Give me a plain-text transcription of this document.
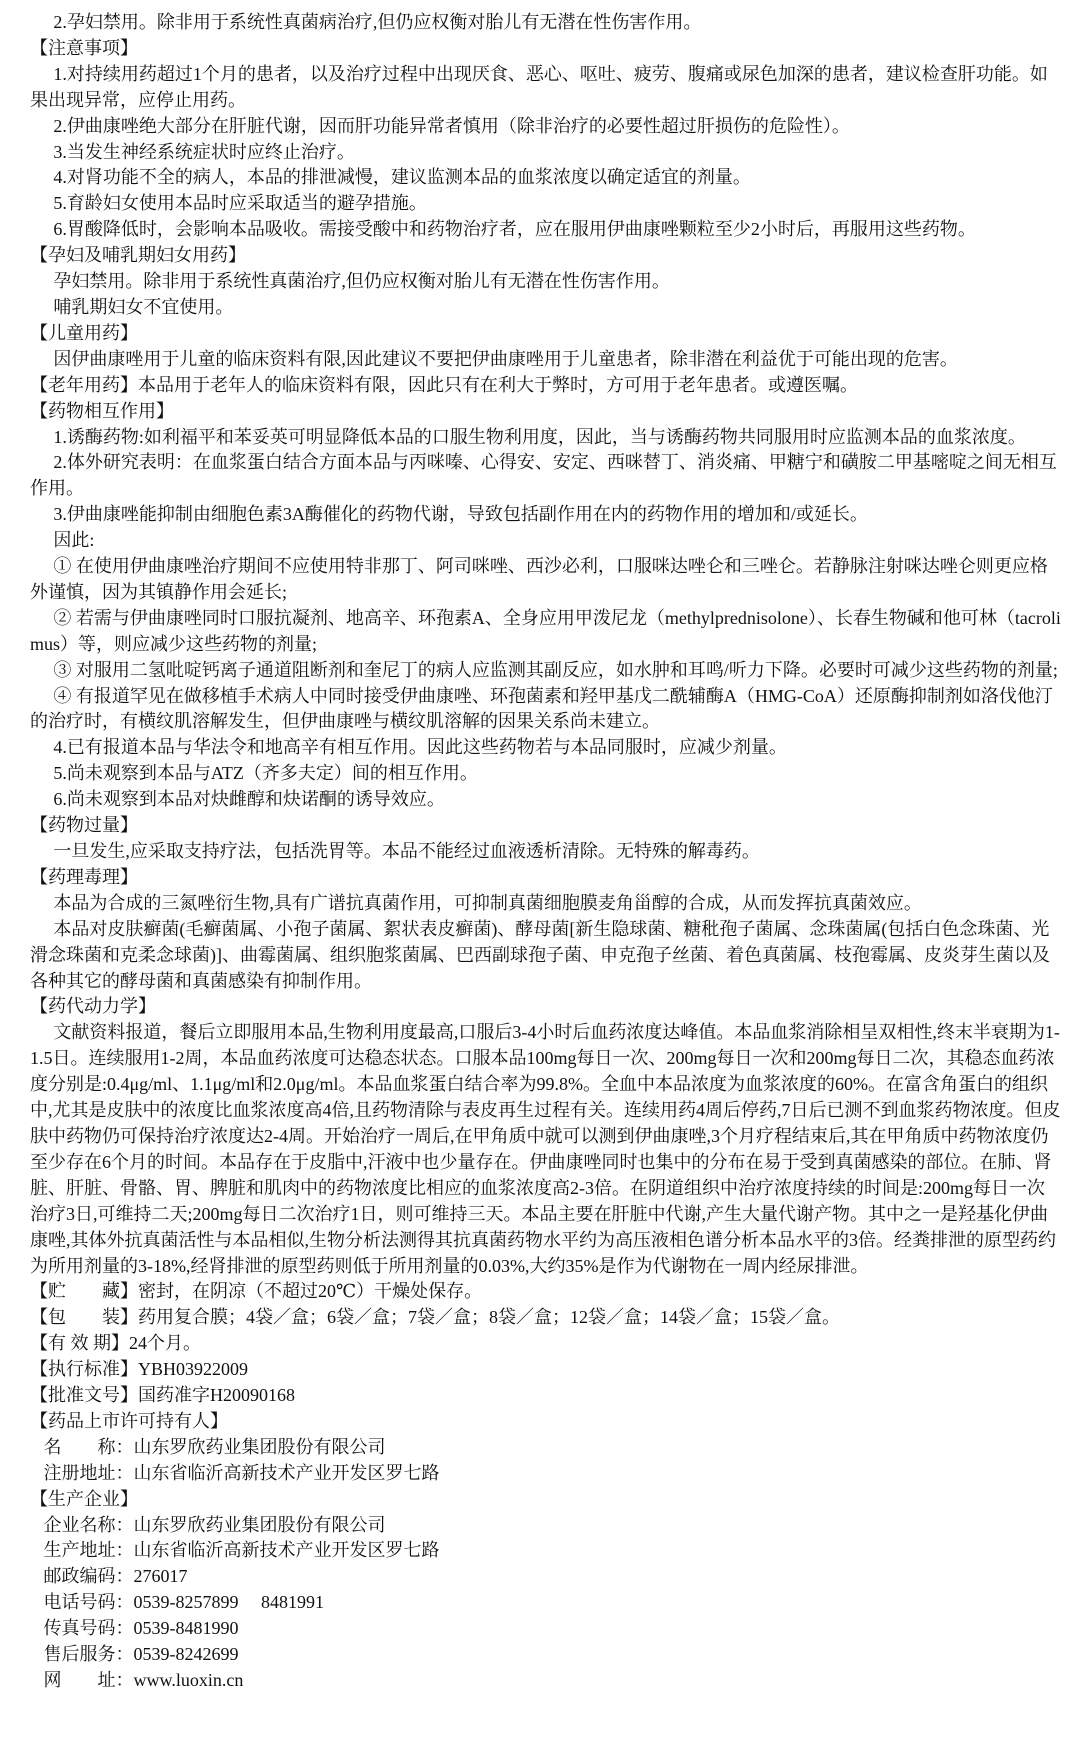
2.孕妇禁用。除非用于系统性真菌病治疗,但仍应权衡对胎儿有无潜在性伤害作用。

【注意事项】

1.对持续用药超过1个月的患者，以及治疗过程中出现厌食、恶心、呕吐、疲劳、腹痛或尿色加深的患者，建议检查肝功能。如果出现异常，应停止用药。

2.伊曲康唑绝大部分在肝脏代谢，因而肝功能异常者慎用（除非治疗的必要性超过肝损伤的危险性）。

3.当发生神经系统症状时应终止治疗。

4.对肾功能不全的病人，本品的排泄减慢，建议监测本品的血浆浓度以确定适宜的剂量。

5.育龄妇女使用本品时应采取适当的避孕措施。

6.胃酸降低时，会影响本品吸收。需接受酸中和药物治疗者，应在服用伊曲康唑颗粒至少2小时后，再服用这些药物。

【孕妇及哺乳期妇女用药】

孕妇禁用。除非用于系统性真菌治疗,但仍应权衡对胎儿有无潜在性伤害作用。

哺乳期妇女不宜使用。

【儿童用药】

因伊曲康唑用于儿童的临床资料有限,因此建议不要把伊曲康唑用于儿童患者，除非潜在利益优于可能出现的危害。

【老年用药】本品用于老年人的临床资料有限，因此只有在利大于弊时，方可用于老年患者。或遵医嘱。

【药物相互作用】

1.诱酶药物:如利福平和苯妥英可明显降低本品的口服生物利用度，因此，当与诱酶药物共同服用时应监测本品的血浆浓度。

2.体外研究表明：在血浆蛋白结合方面本品与丙咪嗪、心得安、安定、西咪替丁、消炎痛、甲糖宁和磺胺二甲基嘧啶之间无相互作用。

3.伊曲康唑能抑制由细胞色素3A酶催化的药物代谢，导致包括副作用在内的药物作用的增加和/或延长。

因此:

① 在使用伊曲康唑治疗期间不应使用特非那丁、阿司咪唑、西沙必利，口服咪达唑仑和三唑仑。若静脉注射咪达唑仑则更应格外谨慎，因为其镇静作用会延长;

② 若需与伊曲康唑同时口服抗凝剂、地高辛、环孢素A、全身应用甲泼尼龙（methylprednisolone）、长春生物碱和他可林（tacrolimus）等，则应减少这些药物的剂量;

③ 对服用二氢吡啶钙离子通道阻断剂和奎尼丁的病人应监测其副反应，如水肿和耳鸣/听力下降。必要时可减少这些药物的剂量;

④ 有报道罕见在做移植手术病人中同时接受伊曲康唑、环孢菌素和羟甲基戊二酰辅酶A（HMG-CoA）还原酶抑制剂如洛伐他汀的治疗时，有横纹肌溶解发生，但伊曲康唑与横纹肌溶解的因果关系尚未建立。

4.已有报道本品与华法令和地高辛有相互作用。因此这些药物若与本品同服时，应减少剂量。

5.尚未观察到本品与ATZ（齐多夫定）间的相互作用。

6.尚未观察到本品对炔雌醇和炔诺酮的诱导效应。

【药物过量】

一旦发生,应采取支持疗法，包括洗胃等。本品不能经过血液透析清除。无特殊的解毒药。

【药理毒理】

本品为合成的三氮唑衍生物,具有广谱抗真菌作用，可抑制真菌细胞膜麦角甾醇的合成，从而发挥抗真菌效应。

本品对皮肤癣菌(毛癣菌属、小孢子菌属、絮状表皮癣菌)、酵母菌[新生隐球菌、糖秕孢子菌属、念珠菌属(包括白色念珠菌、光滑念珠菌和克柔念球菌)]、曲霉菌属、组织胞浆菌属、巴西副球孢子菌、申克孢子丝菌、着色真菌属、枝孢霉属、皮炎芽生菌以及各种其它的酵母菌和真菌感染有抑制作用。

【药代动力学】

文献资料报道，餐后立即服用本品,生物利用度最高,口服后3-4小时后血药浓度达峰值。本品血浆消除相呈双相性,终末半衰期为1-1.5日。连续服用1-2周，本品血药浓度可达稳态状态。口服本品100mg每日一次、200mg每日一次和200mg每日二次，其稳态血药浓度分别是:0.4μg/ml、1.1μg/ml和2.0μg/ml。本品血浆蛋白结合率为99.8%。全血中本品浓度为血浆浓度的60%。在富含角蛋白的组织中,尤其是皮肤中的浓度比血浆浓度高4倍,且药物清除与表皮再生过程有关。连续用药4周后停药,7日后已测不到血浆药物浓度。但皮肤中药物仍可保持治疗浓度达2-4周。开始治疗一周后,在甲角质中就可以测到伊曲康唑,3个月疗程结束后,其在甲角质中药物浓度仍至少存在6个月的时间。本品存在于皮脂中,汗液中也少量存在。伊曲康唑同时也集中的分布在易于受到真菌感染的部位。在肺、肾脏、肝脏、骨骼、胃、脾脏和肌肉中的药物浓度比相应的血浆浓度高2-3倍。在阴道组织中治疗浓度持续的时间是:200mg每日一次治疗3日,可维持二天;200mg每日二次治疗1日，则可维持三天。本品主要在肝脏中代谢,产生大量代谢产物。其中之一是羟基化伊曲康唑,其体外抗真菌活性与本品相似,生物分析法测得其抗真菌药物水平约为高压液相色谱分析本品水平的3倍。经粪排泄的原型药约为所用剂量的3-18%,经肾排泄的原型药则低于所用剂量的0.03%,大约35%是作为代谢物在一周内经尿排泄。

【贮　　藏】密封，在阴凉（不超过20℃）干燥处保存。

【包　　装】药用复合膜；4袋／盒；6袋／盒；7袋／盒；8袋／盒；12袋／盒；14袋／盒；15袋／盒。

【有 效 期】24个月。

【执行标准】YBH03922009

【批准文号】国药准字H20090168

【药品上市许可持有人】

名　　称：山东罗欣药业集团股份有限公司

注册地址：山东省临沂高新技术产业开发区罗七路

【生产企业】

企业名称：山东罗欣药业集团股份有限公司

生产地址：山东省临沂高新技术产业开发区罗七路

邮政编码：276017

电话号码：0539-8257899　 8481991

传真号码：0539-8481990

售后服务：0539-8242699

网　　址：www.luoxin.cn
